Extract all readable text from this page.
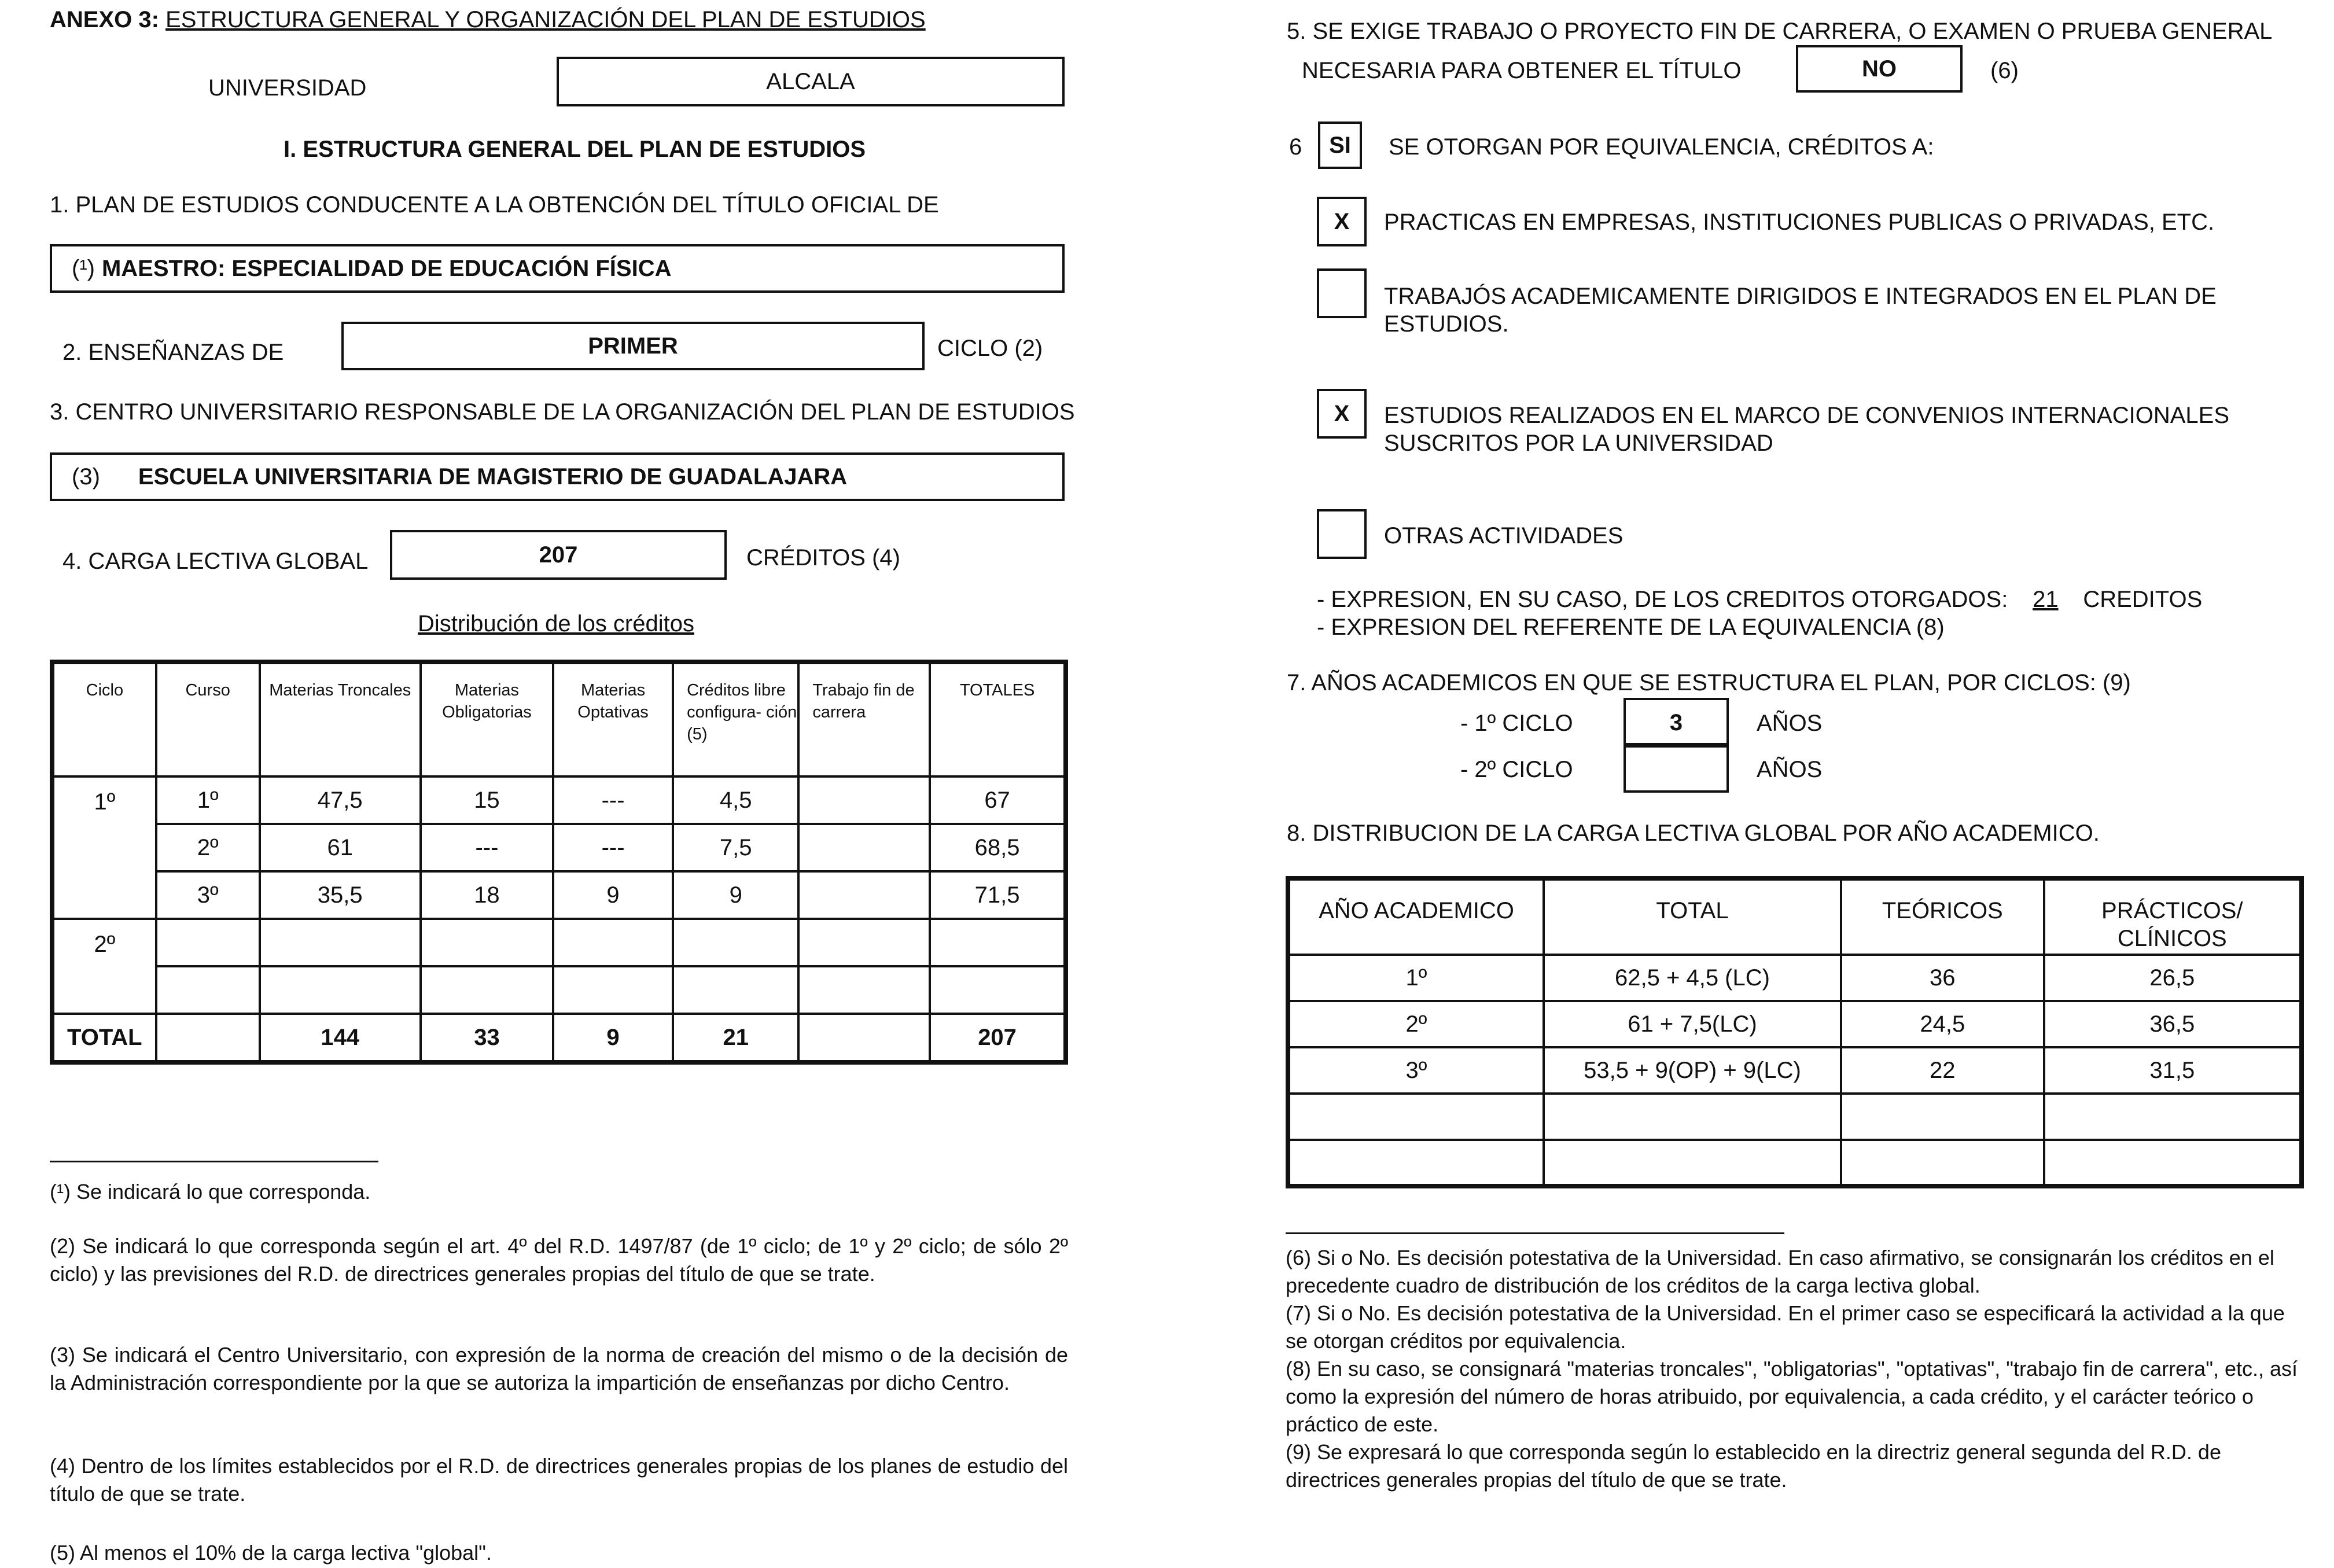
ANEXO 3: ESTRUCTURA GENERAL Y ORGANIZACIÓN DEL PLAN DE ESTUDIOS
UNIVERSIDAD	ALCALA
I. ESTRUCTURA GENERAL DEL PLAN DE ESTUDIOS
1. PLAN DE ESTUDIOS CONDUCENTE A LA OBTENCIÓN DEL TÍTULO OFICIAL DE
(¹) MAESTRO: ESPECIALIDAD DE EDUCACIÓN FÍSICA
2. ENSEÑANZAS DE	PRIMER	CICLO (2)
3. CENTRO UNIVERSITARIO RESPONSABLE DE LA ORGANIZACIÓN DEL PLAN DE ESTUDIOS
(3) ESCUELA UNIVERSITARIA DE MAGISTERIO DE GUADALAJARA
4. CARGA LECTIVA GLOBAL	207	CRÉDITOS (4)
Distribución de los créditos
Ciclo	Curso	Materias Troncales	Materias Obligatorias	Materias Optativas	Créditos libre configura- ción (5)	Trabajo fin de carrera	TOTALES
1º	1º	47,5	15	---	4,5		67
	2º	61	---	---	7,5		68,5
	3º	35,5	18	9	9		71,5
2º							

TOTAL		144	33	9	21		207
(¹) Se indicará lo que corresponda.
(2) Se indicará lo que corresponda según el art. 4º del R.D. 1497/87 (de 1º ciclo; de 1º y 2º ciclo; de sólo 2º ciclo) y las previsiones del R.D. de directrices generales propias del título de que se trate.
(3) Se indicará el Centro Universitario, con expresión de la norma de creación del mismo o de la decisión de la Administración correspondiente por la que se autoriza la impartición de enseñanzas por dicho Centro.
(4) Dentro de los límites establecidos por el R.D. de directrices generales propias de los planes de estudio del título de que se trate.
(5) Al menos el 10% de la carga lectiva "global".
5. SE EXIGE TRABAJO O PROYECTO FIN DE CARRERA, O EXAMEN O PRUEBA GENERAL
NECESARIA PARA OBTENER EL TÍTULO	NO	(6)
6 SI SE OTORGAN POR EQUIVALENCIA, CRÉDITOS A:
X PRACTICAS EN EMPRESAS, INSTITUCIONES PUBLICAS O PRIVADAS, ETC.
TRABAJÓS ACADEMICAMENTE DIRIGIDOS E INTEGRADOS EN EL PLAN DE
ESTUDIOS.
X ESTUDIOS REALIZADOS EN EL MARCO DE CONVENIOS INTERNACIONALES
SUSCRITOS POR LA UNIVERSIDAD
OTRAS ACTIVIDADES
- EXPRESION, EN SU CASO, DE LOS CREDITOS OTORGADOS: 21 CREDITOS
- EXPRESION DEL REFERENTE DE LA EQUIVALENCIA (8)
7. AÑOS ACADEMICOS EN QUE SE ESTRUCTURA EL PLAN, POR CICLOS: (9)
- 1º CICLO	3	AÑOS
- 2º CICLO	AÑOS
8. DISTRIBUCION DE LA CARGA LECTIVA GLOBAL POR AÑO ACADEMICO.
AÑO ACADEMICO	TOTAL	TEÓRICOS	PRÁCTICOS/ CLÍNICOS
1º	62,5 + 4,5 (LC)	36	26,5
2º	61 + 7,5(LC)	24,5	36,5
3º	53,5 + 9(OP) + 9(LC)	22	31,5

(6) Si o No. Es decisión potestativa de la Universidad. En caso afirmativo, se consignarán los créditos en el precedente cuadro de distribución de los créditos de la carga lectiva global.
(7) Si o No. Es decisión potestativa de la Universidad. En el primer caso se especificará la actividad a la que se otorgan créditos por equivalencia.
(8) En su caso, se consignará "materias troncales", "obligatorias", "optativas", "trabajo fin de carrera", etc., así como la expresión del número de horas atribuido, por equivalencia, a cada crédito, y el carácter teórico o práctico de este.
(9) Se expresará lo que corresponda según lo establecido en la directriz general segunda del R.D. de directrices generales propias del título de que se trate.
